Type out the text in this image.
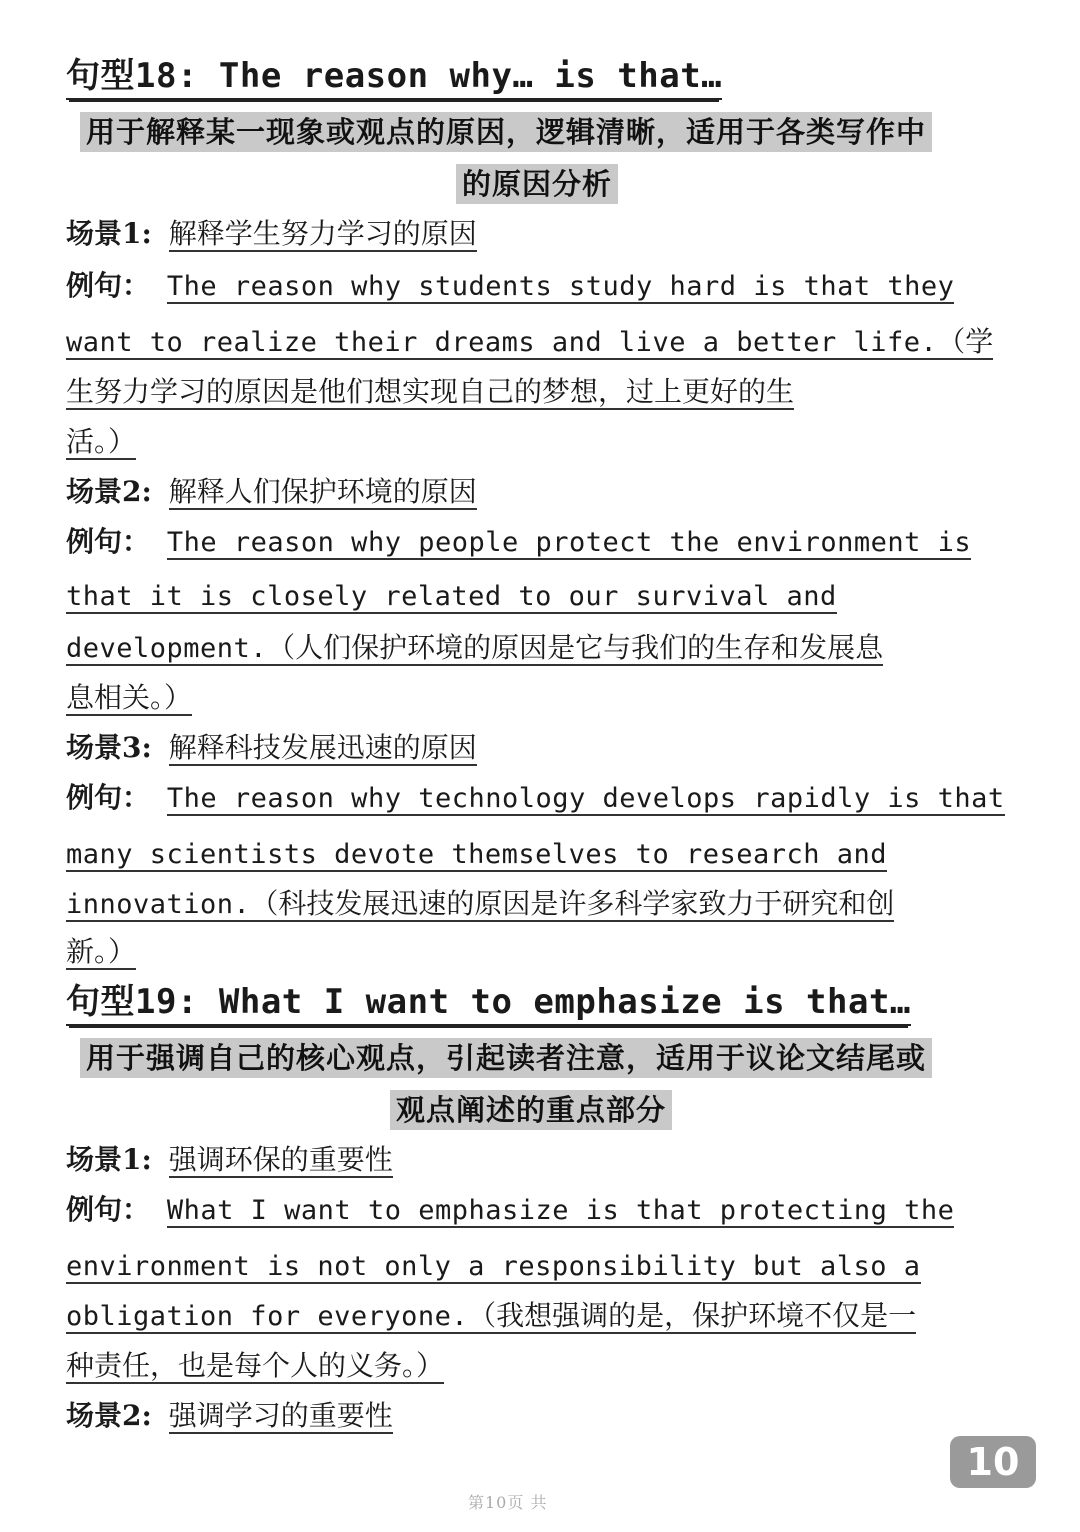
句型18: The reason why… is that…
用于解释某一现象或观点的原因，逻辑清晰，适用于各类写作中
的原因分析
场景1: 解释学生努力学习的原因
例句： The reason why students study hard is that they
want to realize their dreams and live a better life.（学
生努力学习的原因是他们想实现自己的梦想，过上更好的生
活。）
场景2: 解释人们保护环境的原因
例句： The reason why people protect the environment is
that it is closely related to our survival and
development.（人们保护环境的原因是它与我们的生存和发展息
息相关。）
场景3: 解释科技发展迅速的原因
例句： The reason why technology develops rapidly is that
many scientists devote themselves to research and
innovation.（科技发展迅速的原因是许多科学家致力于研究和创
新。）
句型19: What I want to emphasize is that…
用于强调自己的核心观点，引起读者注意，适用于议论文结尾或
观点阐述的重点部分
场景1: 强调环保的重要性
例句： What I want to emphasize is that protecting the
environment is not only a responsibility but also a
obligation for everyone.（我想强调的是，保护环境不仅是一
种责任，也是每个人的义务。）
场景2: 强调学习的重要性
10
第10页 共
